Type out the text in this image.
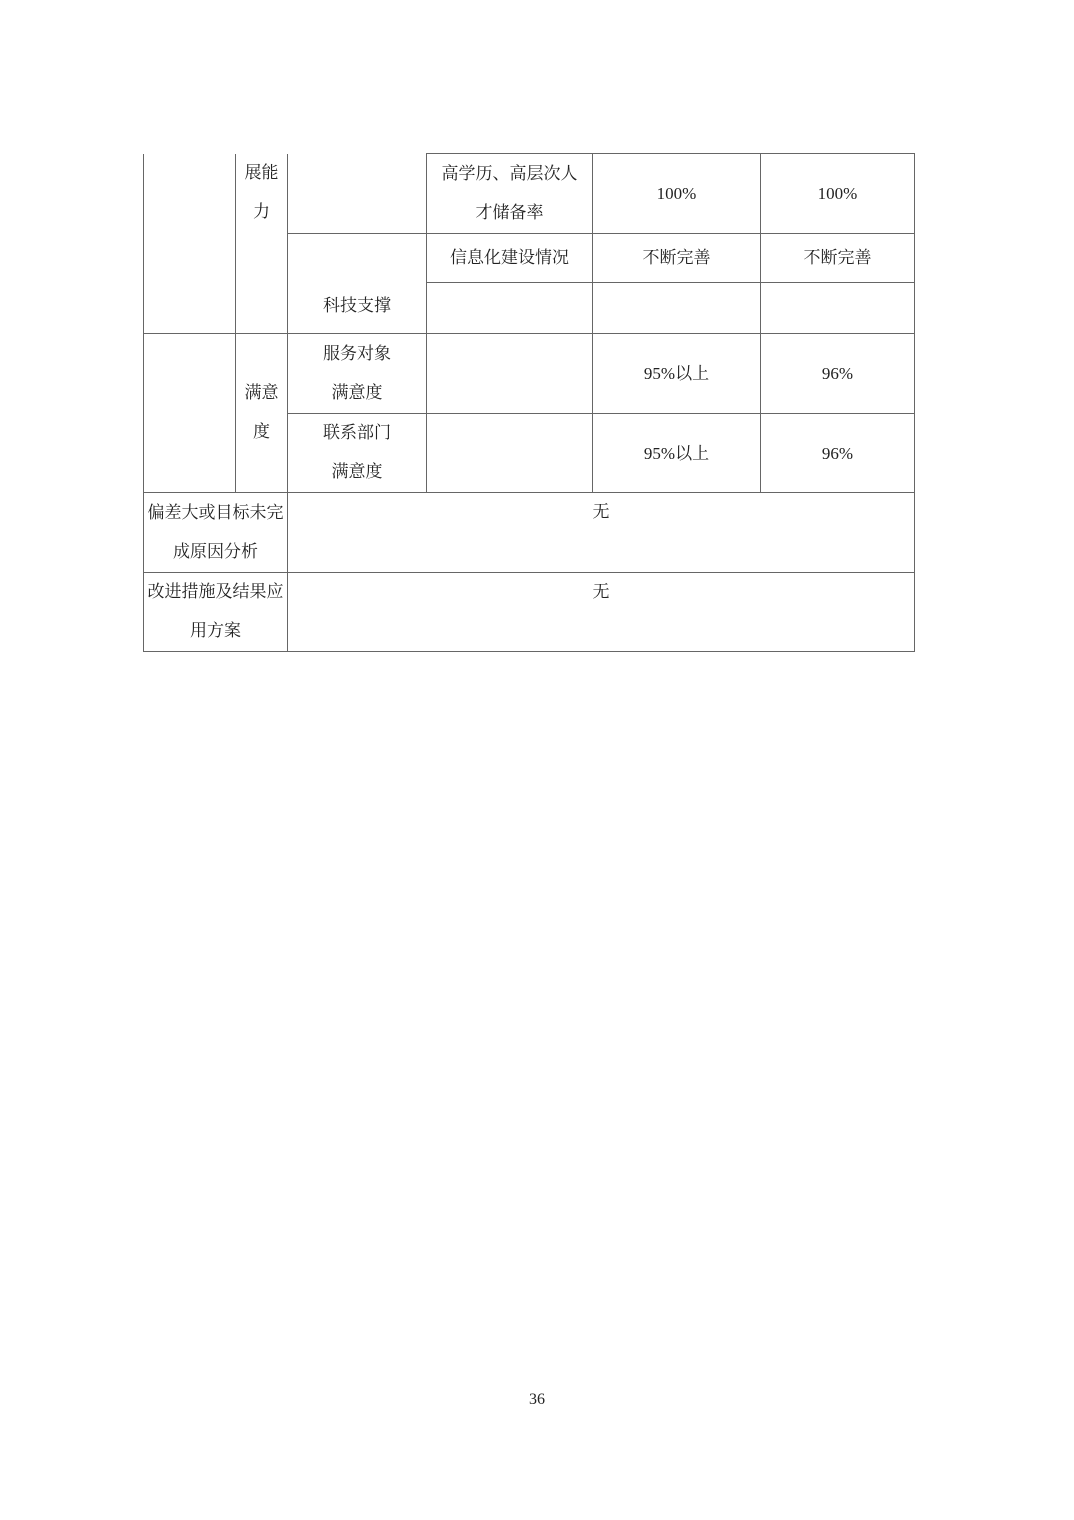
	展能力		高学历、高层次人才储备率	100%	100%

		科技支撑	信息化建设情况	不断完善	不断完善

	满意度	服务对象满意度		95%以上	96%

		联系部门满意度		95%以上	96%

偏差大或目标未完成原因分析		无			

改进措施及结果应用方案		无			
36
